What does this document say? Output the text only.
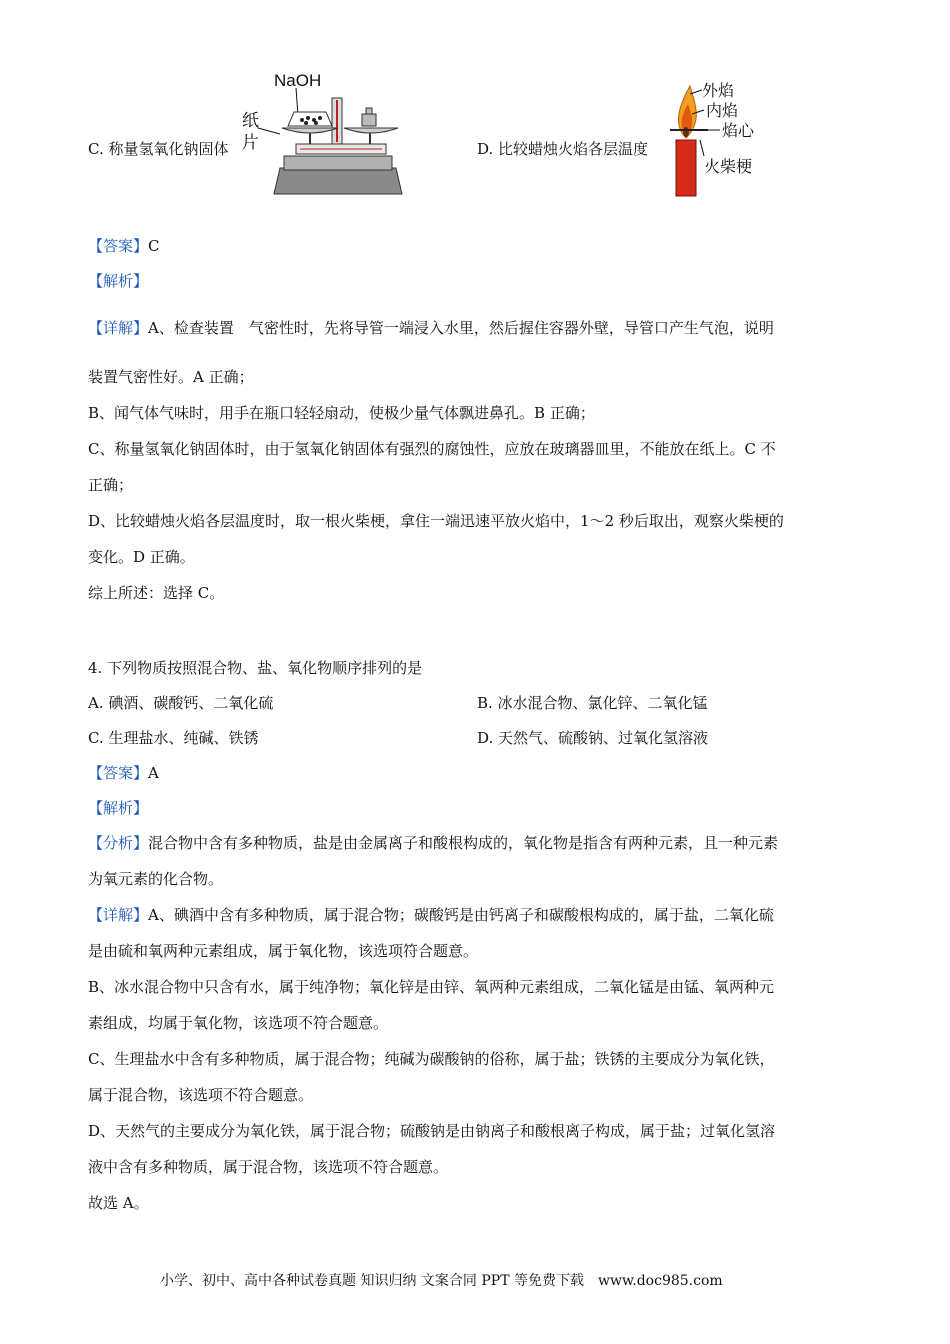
C. 称量氢氧化钠固体
NaOH
纸
片	D. 比较蜡烛火焰各层温度
外焰
内焰
焰心
火柴梗
【答案】C
【解析】
【详解】A、检查装置　气密性时，先将导管一端浸入水里，然后握住容器外壁，导管口产生气泡，说明
装置气密性好。A 正确；
B、闻气体气味时，用手在瓶口轻轻扇动，使极少量气体飘进鼻孔。B 正确；
C、称量氢氧化钠固体时，由于氢氧化钠固体有强烈的腐蚀性，应放在玻璃器皿里，不能放在纸上。C 不
正确；
D、比较蜡烛火焰各层温度时，取一根火柴梗，拿住一端迅速平放火焰中，1～2 秒后取出，观察火柴梗的
变化。D 正确。
综上所述：选择 C。
4. 下列物质按照混合物、盐、氧化物顺序排列的是
A. 碘酒、碳酸钙、二氧化硫	B. 冰水混合物、氯化锌、二氧化锰
C. 生理盐水、纯碱、铁锈	D. 天然气、硫酸钠、过氧化氢溶液
【答案】A
【解析】
【分析】混合物中含有多种物质，盐是由金属离子和酸根构成的，氧化物是指含有两种元素，且一种元素
为氧元素的化合物。
【详解】A、碘酒中含有多种物质，属于混合物；碳酸钙是由钙离子和碳酸根构成的，属于盐，二氧化硫
是由硫和氧两种元素组成，属于氧化物，该选项符合题意。
B、冰水混合物中只含有水，属于纯净物；氧化锌是由锌、氧两种元素组成，二氧化锰是由锰、氧两种元
素组成，均属于氧化物，该选项不符合题意。
C、生理盐水中含有多种物质，属于混合物；纯碱为碳酸钠的俗称，属于盐；铁锈的主要成分为氧化铁，
属于混合物，该选项不符合题意。
D、天然气的主要成分为氧化铁，属于混合物；硫酸钠是由钠离子和酸根离子构成，属于盐；过氧化氢溶
液中含有多种物质，属于混合物，该选项不符合题意。
故选 A。
小学、初中、高中各种试卷真题 知识归纳 文案合同 PPT 等免费下载 www.doc985.com
